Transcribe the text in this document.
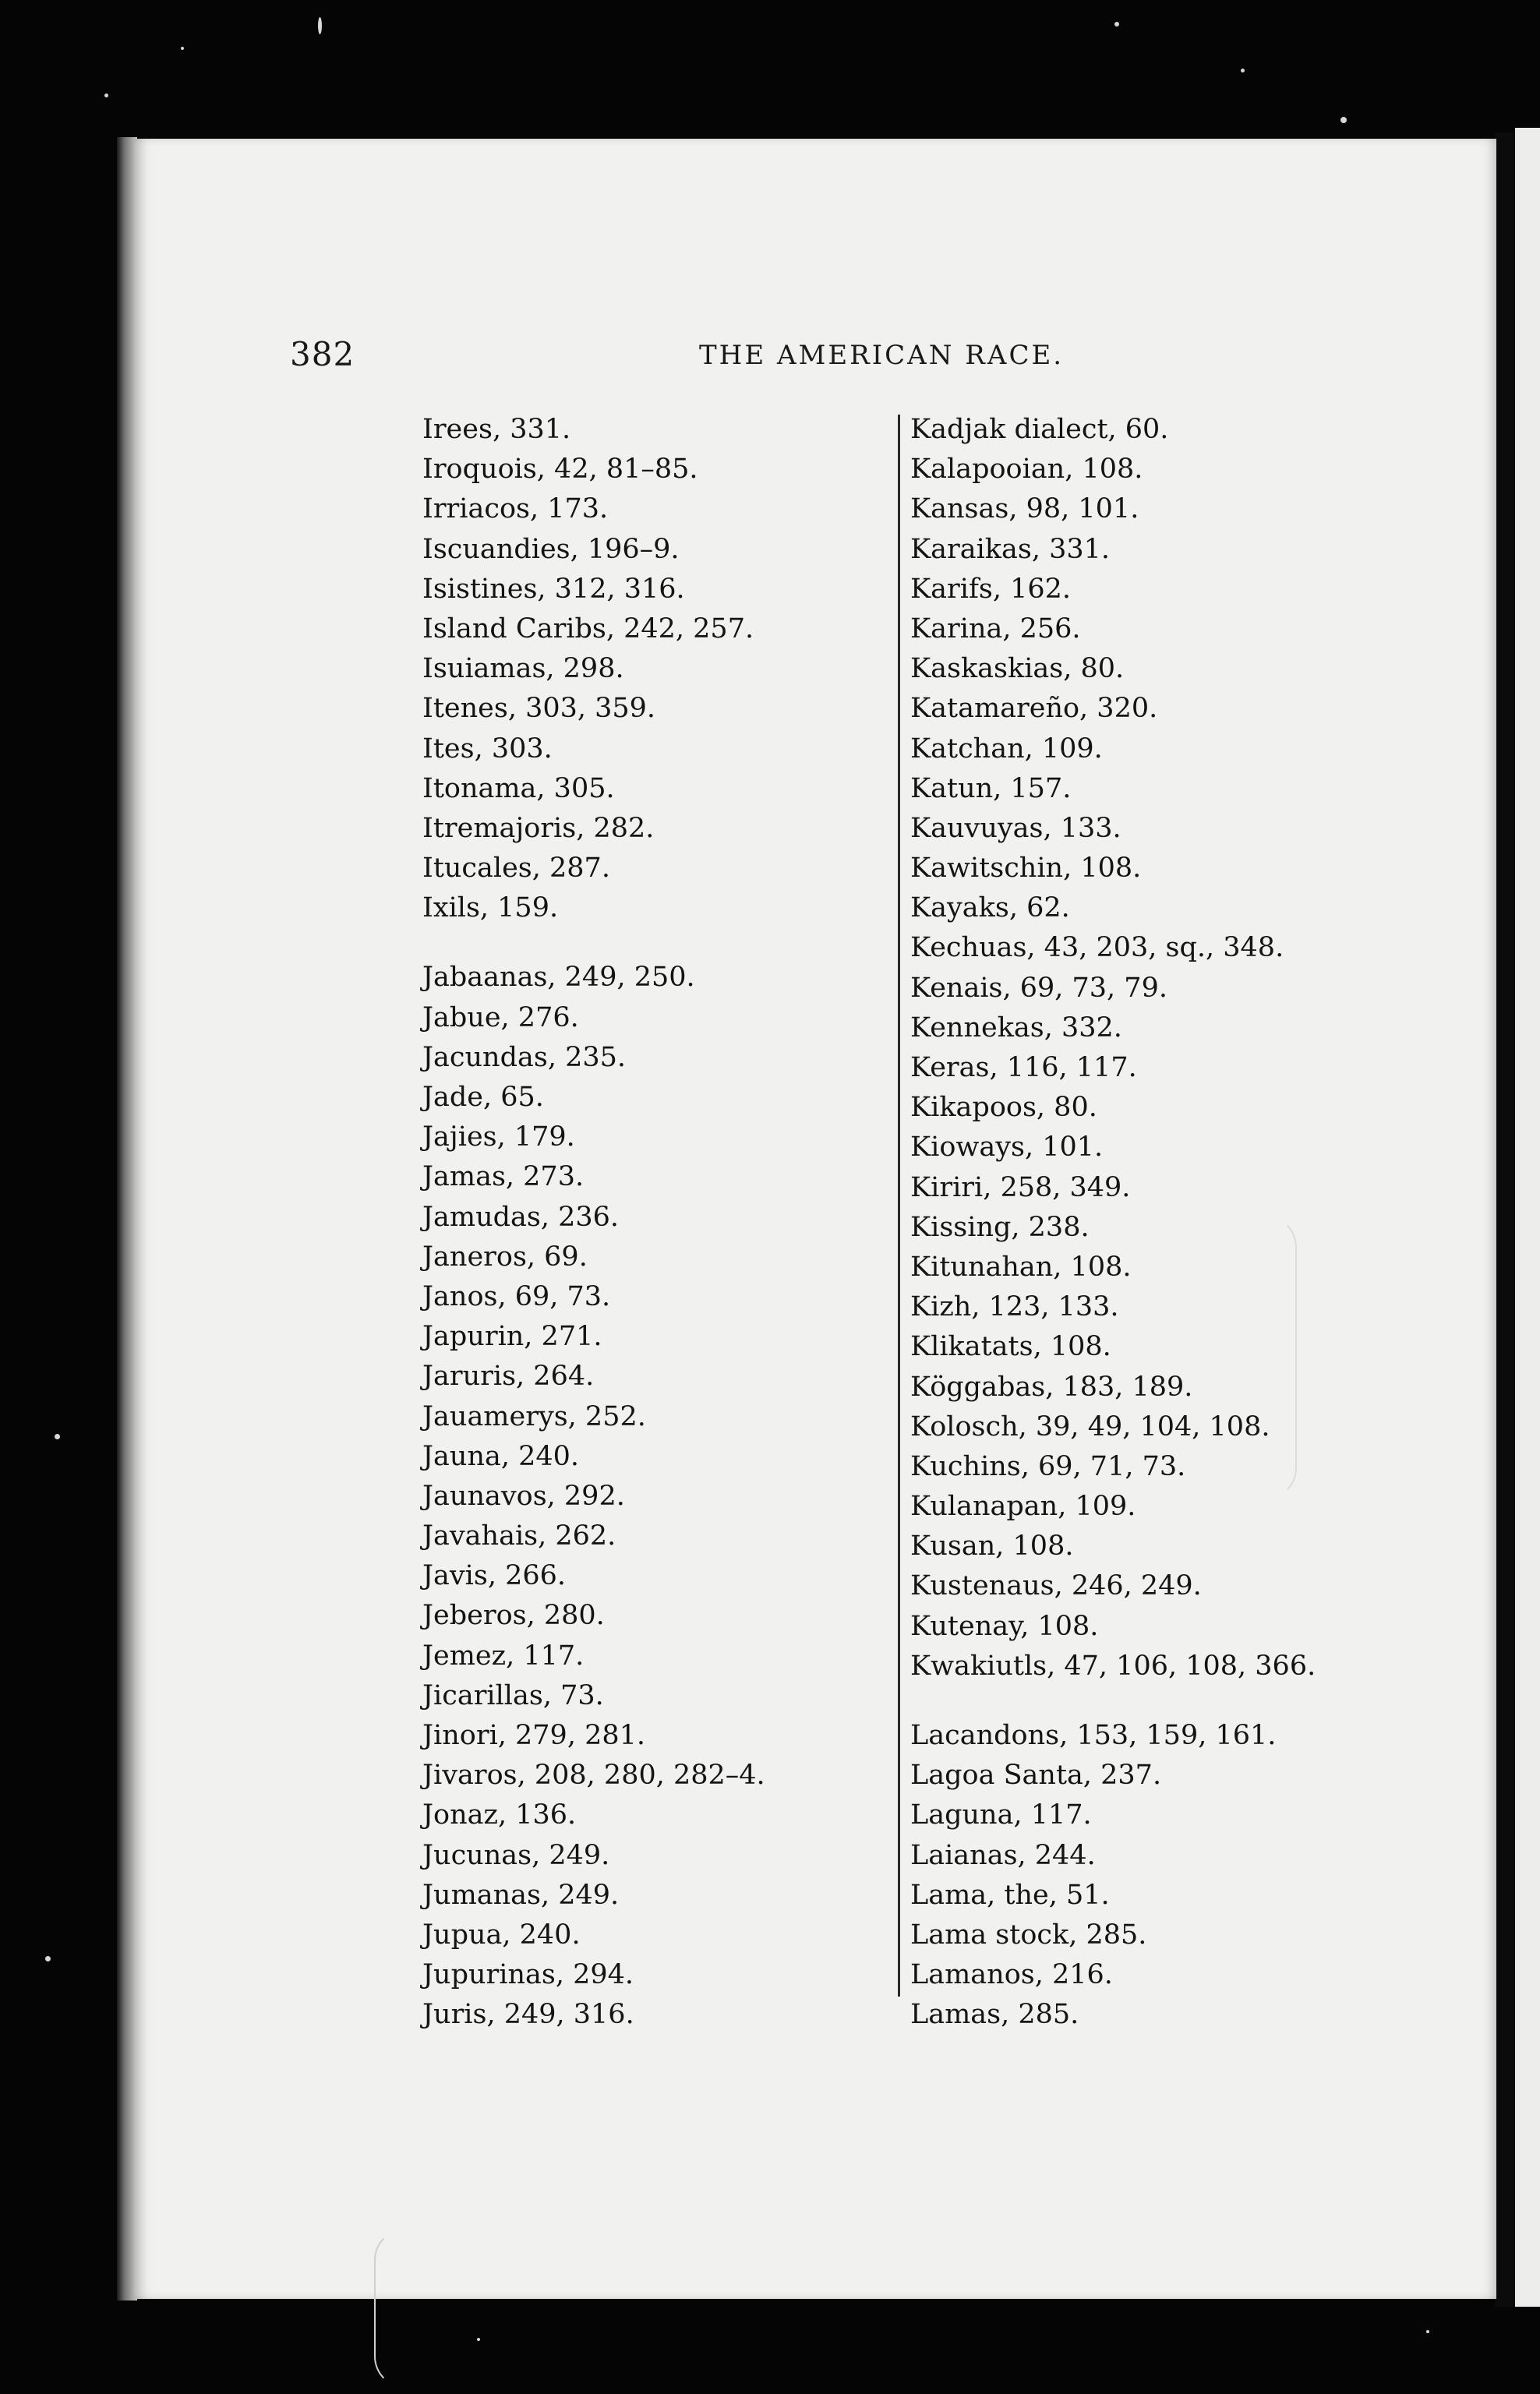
382	THE AMERICAN RACE.
Irees, 331.
Iroquois, 42, 81–85.
Irriacos, 173.
Iscuandies, 196–9.
Isistines, 312, 316.
Island Caribs, 242, 257.
Isuiamas, 298.
Itenes, 303, 359.
Ites, 303.
Itonama, 305.
Itremajoris, 282.
Itucales, 287.
Ixils, 159.
Jabaanas, 249, 250.
Jabue, 276.
Jacundas, 235.
Jade, 65.
Jajies, 179.
Jamas, 273.
Jamudas, 236.
Janeros, 69.
Janos, 69, 73.
Japurin, 271.
Jaruris, 264.
Jauamerys, 252.
Jauna, 240.
Jaunavos, 292.
Javahais, 262.
Javis, 266.
Jeberos, 280.
Jemez, 117.
Jicarillas, 73.
Jinori, 279, 281.
Jivaros, 208, 280, 282–4.
Jonaz, 136.
Jucunas, 249.
Jumanas, 249.
Jupua, 240.
Jupurinas, 294.
Juris, 249, 316.
Kadjak dialect, 60.
Kalapooian, 108.
Kansas, 98, 101.
Karaikas, 331.
Karifs, 162.
Karina, 256.
Kaskaskias, 80.
Katamareño, 320.
Katchan, 109.
Katun, 157.
Kauvuyas, 133.
Kawitschin, 108.
Kayaks, 62.
Kechuas, 43, 203, sq., 348.
Kenais, 69, 73, 79.
Kennekas, 332.
Keras, 116, 117.
Kikapoos, 80.
Kioways, 101.
Kiriri, 258, 349.
Kissing, 238.
Kitunahan, 108.
Kizh, 123, 133.
Klikatats, 108.
Köggabas, 183, 189.
Kolosch, 39, 49, 104, 108.
Kuchins, 69, 71, 73.
Kulanapan, 109.
Kusan, 108.
Kustenaus, 246, 249.
Kutenay, 108.
Kwakiutls, 47, 106, 108, 366.
Lacandons, 153, 159, 161.
Lagoa Santa, 237.
Laguna, 117.
Laianas, 244.
Lama, the, 51.
Lama stock, 285.
Lamanos, 216.
Lamas, 285.
